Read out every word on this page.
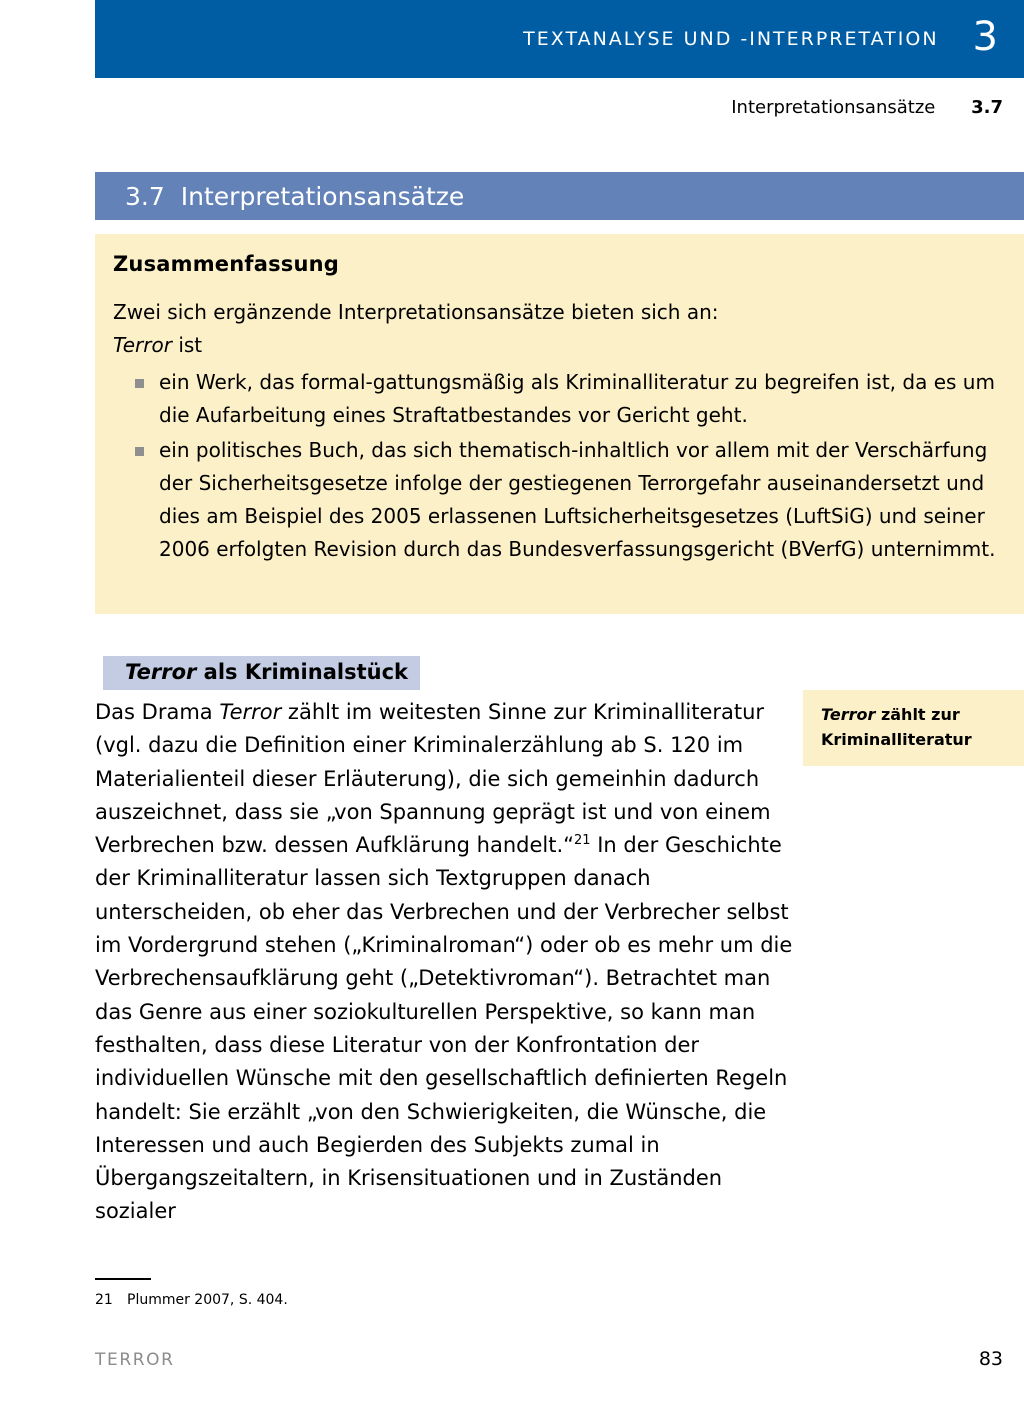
TEXTANALYSE UND -INTERPRETATION 3
Interpretationsansätze 3.7
3.7 Interpretationsansätze
Zusammenfassung

Zwei sich ergänzende Interpretationsansätze bieten sich an:

Terror ist

ein Werk, das formal-gattungsmäßig als Kriminalliteratur zu begreifen ist, da es um die Aufarbeitung eines Straftatbestandes vor Gericht geht.
ein politisches Buch, das sich thematisch-inhaltlich vor allem mit der Verschärfung der Sicherheitsgesetze infolge der gestiegenen Terrorgefahr auseinandersetzt und dies am Beispiel des 2005 erlassenen Luftsicherheitsgesetzes (LuftSiG) und seiner 2006 erfolgten Revision durch das Bundesverfassungsgericht (BVerfG) unternimmt.
Terror als Kriminalstück

Das Drama Terror zählt im weitesten Sinne zur Kriminalliteratur (vgl. dazu die Definition einer Kriminalerzählung ab S. 120 im Materialienteil dieser Erläuterung), die sich gemeinhin dadurch auszeichnet, dass sie „von Spannung geprägt ist und von einem Verbrechen bzw. dessen Aufklärung handelt.“$^{21}$ In der Geschichte der Kriminalliteratur lassen sich Textgruppen danach unterscheiden, ob eher das Verbrechen und der Verbrecher selbst im Vordergrund stehen („Kriminalroman“) oder ob es mehr um die Verbrechensaufklärung geht („Detektivroman“). Betrachtet man das Genre aus einer soziokulturellen Perspektive, so kann man festhalten, dass diese Literatur von der Konfrontation der individuellen Wünsche mit den gesellschaftlich definierten Regeln handelt: Sie erzählt „von den Schwierigkeiten, die Wünsche, die Interessen und auch Begierden des Subjekts zumal in Übergangszeitaltern, in Krisensituationen und in Zuständen sozialer

Terror zählt zur Kriminalliteratur
21 Plummer 2007, S. 404.
TERROR	83
